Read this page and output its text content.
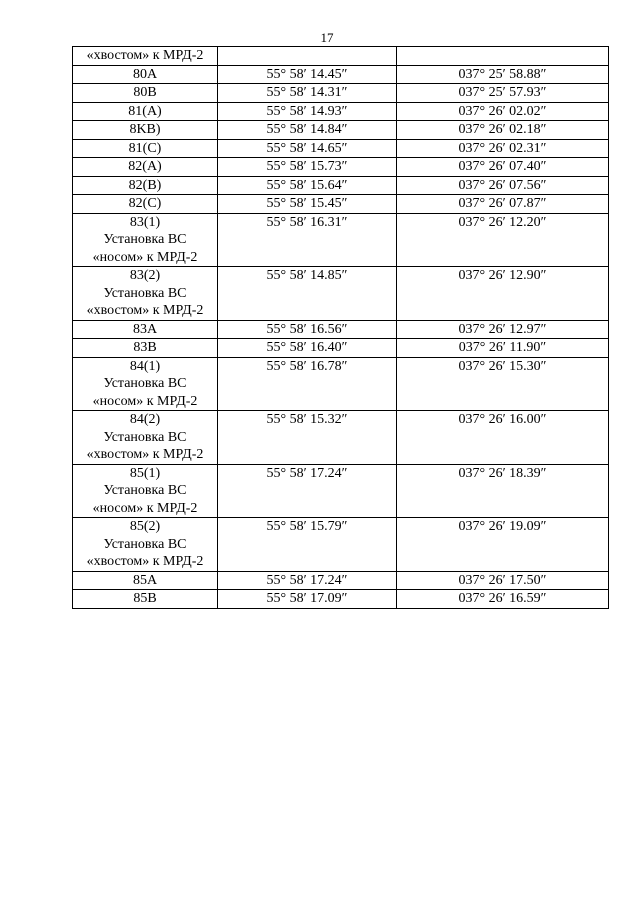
17
«хвостом» к МРД-2		

80A	55° 58′ 14.45″	037° 25′ 58.88″

80B	55° 58′ 14.31″	037° 25′ 57.93″

81(A)	55° 58′ 14.93″	037° 26′ 02.02″

8KB)	55° 58′ 14.84″	037° 26′ 02.18″

81(C)	55° 58′ 14.65″	037° 26′ 02.31″

82(A)	55° 58′ 15.73″	037° 26′ 07.40″

82(B)	55° 58′ 15.64″	037° 26′ 07.56″

82(C)	55° 58′ 15.45″	037° 26′ 07.87″

83(1)
Установка ВС
«носом» к МРД-2	55° 58′ 16.31″	037° 26′ 12.20″

83(2)
Установка ВС
«хвостом» к МРД-2	55° 58′ 14.85″	037° 26′ 12.90″

83A	55° 58′ 16.56″	037° 26′ 12.97″

83B	55° 58′ 16.40″	037° 26′ 11.90″

84(1)
Установка ВС
«носом» к МРД-2	55° 58′ 16.78″	037° 26′ 15.30″

84(2)
Установка ВС
«хвостом» к МРД-2	55° 58′ 15.32″	037° 26′ 16.00″

85(1)
Установка ВС
«носом» к МРД-2	55° 58′ 17.24″	037° 26′ 18.39″

85(2)
Установка ВС
«хвостом» к МРД-2	55° 58′ 15.79″	037° 26′ 19.09″

85A	55° 58′ 17.24″	037° 26′ 17.50″

85B	55° 58′ 17.09″	037° 26′ 16.59″
